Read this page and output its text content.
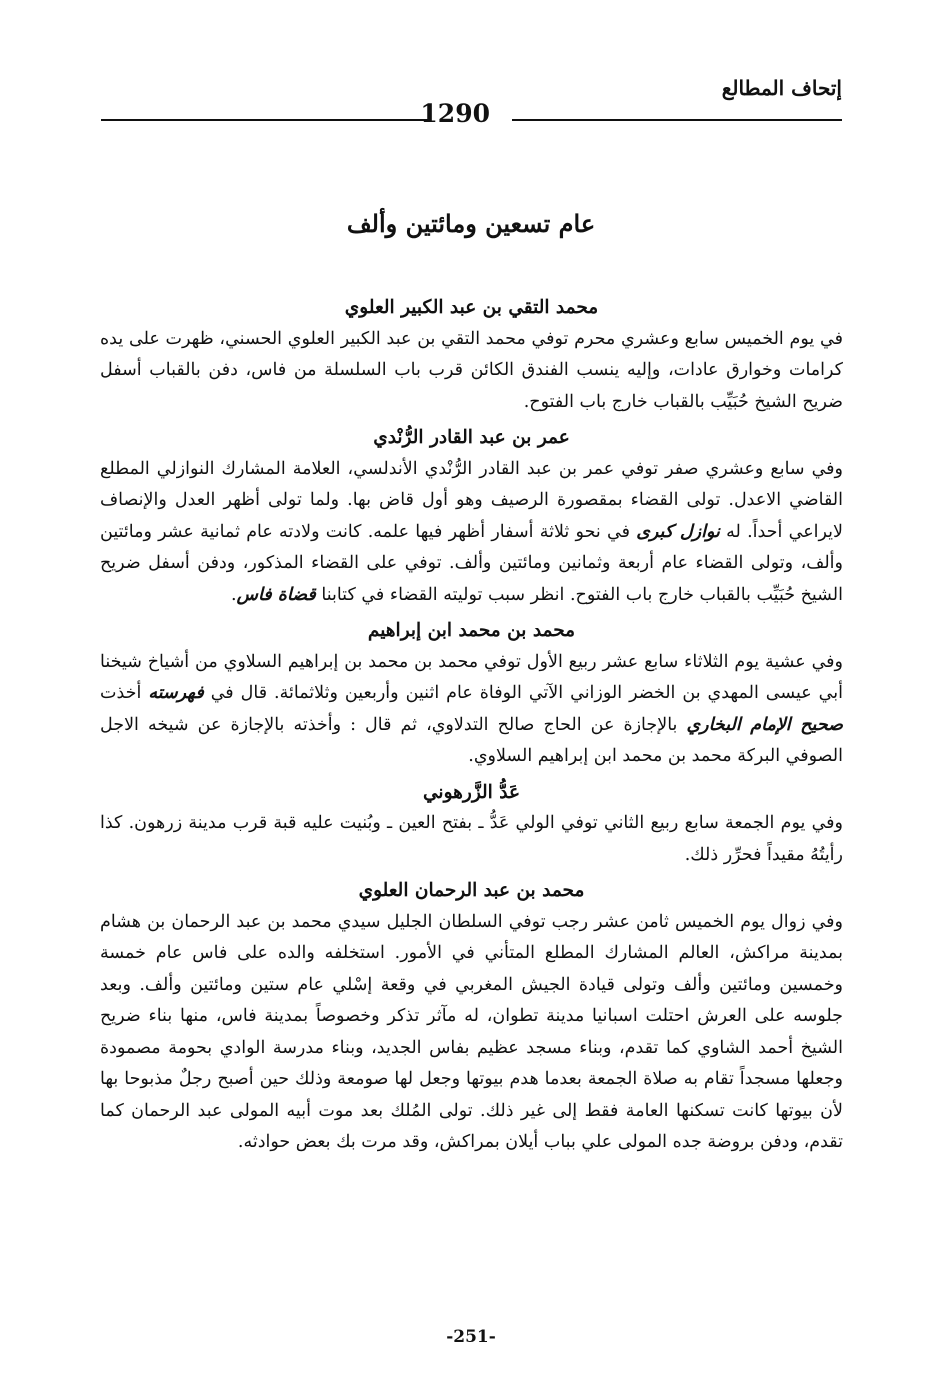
إتحاف المطالع
1290
عام تسعين ومائتين وألف
محمد التقي بن عبد الكبير العلوي

في يوم الخميس سابع وعشري محرم توفي محمد التقي بن عبد الكبير العلوي الحسني، ظهرت على يده كرامات وخوارق عادات، وإليه ينسب الفندق الكائن قرب باب السلسلة من فاس، دفن بالقباب أسفل ضريح الشيخ حُبَيِّب بالقباب خارج باب الفتوح.

عمر بن عبد القادر الرُّنْدي

وفي سابع وعشري صفر توفي عمر بن عبد القادر الرُّنْدي الأندلسي، العلامة المشارك النوازلي المطلع القاضي الاعدل. تولى القضاء بمقصورة الرصيف وهو أول قاض بها. ولما تولى أظهر العدل والإنصاف لايراعي أحداً. له نوازل كبرى في نحو ثلاثة أسفار أظهر فيها علمه. كانت ولادته عام ثمانية عشر ومائتين وألف، وتولى القضاء عام أربعة وثمانين ومائتين وألف. توفي على القضاء المذكور، ودفن أسفل ضريح الشيخ حُبَيِّب بالقباب خارج باب الفتوح. انظر سبب توليته القضاء في كتابنا قضاة فاس.

محمد بن محمد ابن إبراهيم

وفي عشية يوم الثلاثاء سابع عشر ربيع الأول توفي محمد بن محمد بن إبراهيم السلاوي من أشياخ شيخنا أبي عيسى المهدي بن الخضر الوزاني الآتي الوفاة عام اثنين وأربعين وثلاثمائة. قال في فهرسته أخذت صحيح الإمام البخاري بالإجازة عن الحاج صالح التدلاوي، ثم قال : وأخذته بالإجازة عن شيخه الاجل الصوفي البركة محمد بن محمد ابن إبراهيم السلاوي.

عَدُّ الزَّرهوني

وفي يوم الجمعة سابع ربيع الثاني توفي الولي عَدُّ ـ بفتح العين ـ وبُنيت عليه قبة قرب مدينة زرهون. كذا رأيتُهُ مقيداً فحرِّر ذلك.

محمد بن عبد الرحمان العلوي

وفي زوال يوم الخميس ثامن عشر رجب توفي السلطان الجليل سيدي محمد بن عبد الرحمان بن هشام بمدينة مراكش، العالم المشارك المطلع المتأني في الأمور. استخلفه والده على فاس عام خمسة وخمسين ومائتين وألف وتولى قيادة الجيش المغربي في وقعة إسْلي عام ستين ومائتين وألف. وبعد جلوسه على العرش احتلت اسبانيا مدينة تطوان، له مآثر تذكر وخصوصاً بمدينة فاس، منها بناء ضريح الشيخ أحمد الشاوي كما تقدم، وبناء مسجد عظيم بفاس الجديد، وبناء مدرسة الوادي بحومة مصمودة وجعلها مسجداً تقام به صلاة الجمعة بعدما هدم بيوتها وجعل لها صومعة وذلك حين أصبح رجلٌ مذبوحا بها لأن بيوتها كانت تسكنها العامة فقط إلى غير ذلك. تولى المُلك بعد موت أبيه المولى عبد الرحمان كما تقدم، ودفن بروضة جده المولى علي بباب أيلان بمراكش، وقد مرت بك بعض حوادثه.

-251-
